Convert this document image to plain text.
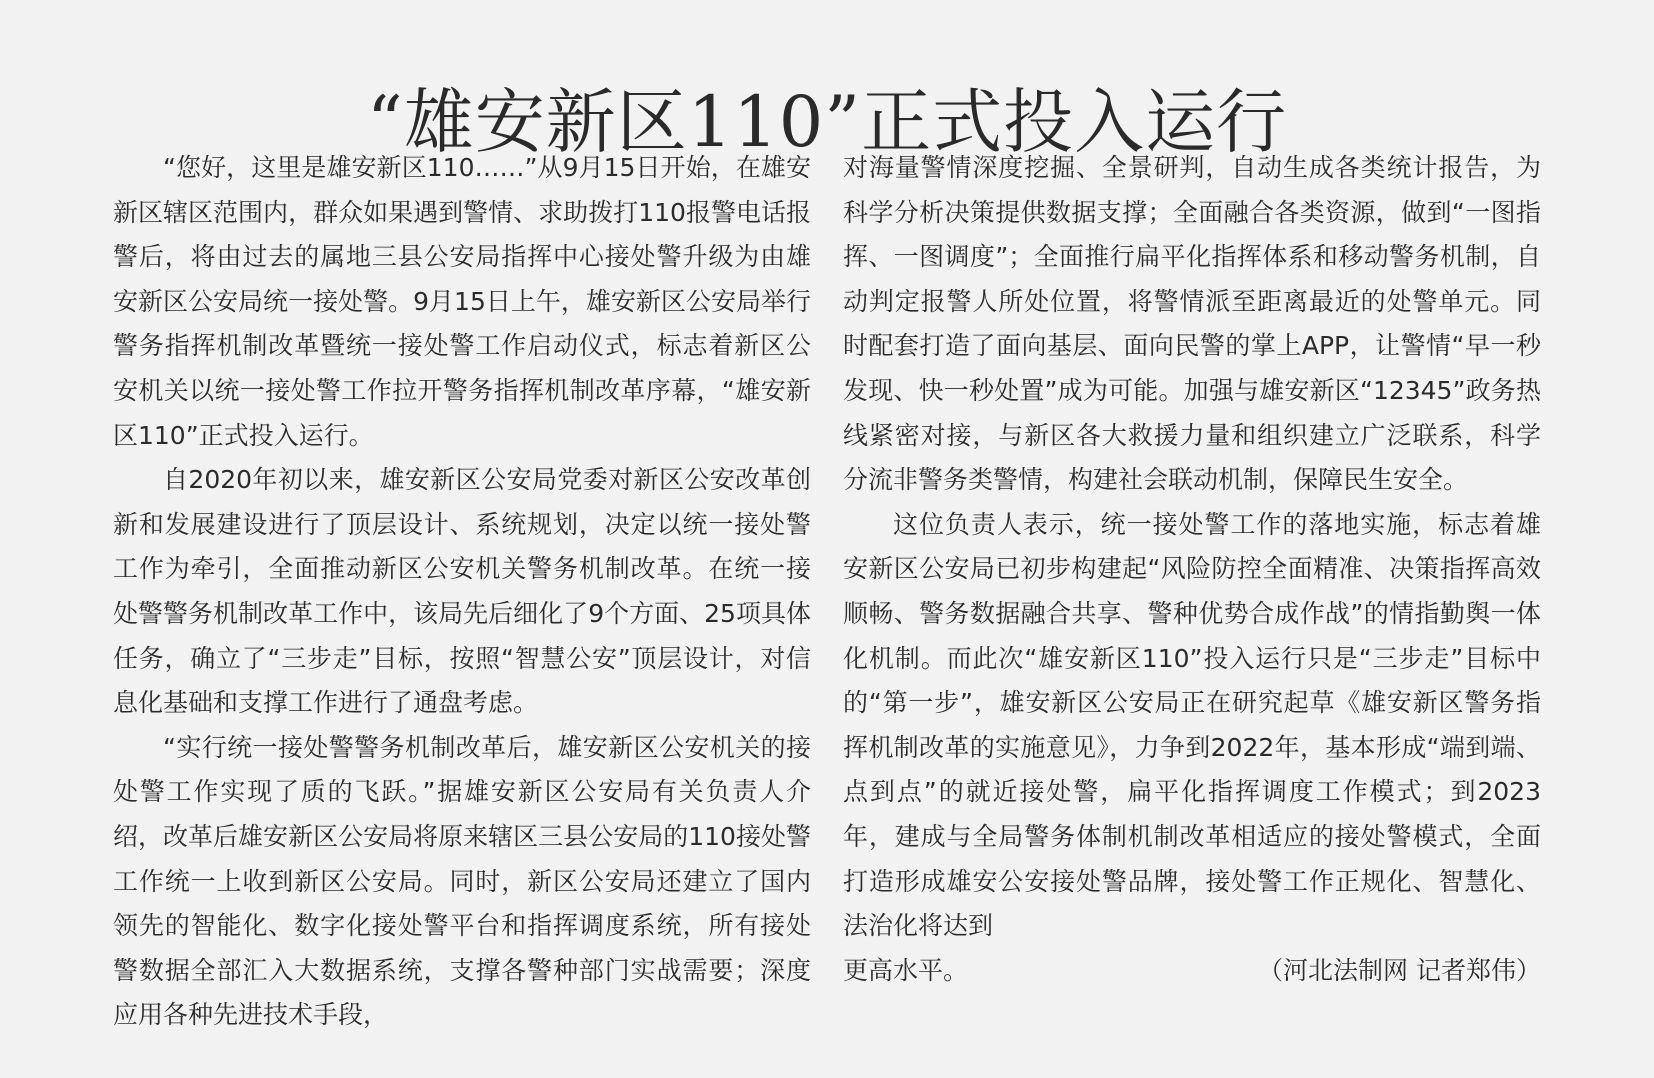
“雄安新区110”正式投入运行

“您好，这里是雄安新区110……”从9月15日开始，在雄安新区辖区范围内，群众如果遇到警情、求助拨打110报警电话报警后，将由过去的属地三县公安局指挥中心接处警升级为由雄安新区公安局统一接处警。9月15日上午，雄安新区公安局举行警务指挥机制改革暨统一接处警工作启动仪式，标志着新区公安机关以统一接处警工作拉开警务指挥机制改革序幕，“雄安新区110”正式投入运行。

自2020年初以来，雄安新区公安局党委对新区公安改革创新和发展建设进行了顶层设计、系统规划，决定以统一接处警工作为牵引，全面推动新区公安机关警务机制改革。在统一接处警警务机制改革工作中，该局先后细化了9个方面、25项具体任务，确立了“三步走”目标，按照“智慧公安”顶层设计，对信息化基础和支撑工作进行了通盘考虑。

“实行统一接处警警务机制改革后，雄安新区公安机关的接处警工作实现了质的飞跃。”据雄安新区公安局有关负责人介绍，改革后雄安新区公安局将原来辖区三县公安局的110接处警工作统一上收到新区公安局。同时，新区公安局还建立了国内领先的智能化、数字化接处警平台和指挥调度系统，所有接处警数据全部汇入大数据系统，支撑各警种部门实战需要；深度应用各种先进技术手段，

对海量警情深度挖掘、全景研判，自动生成各类统计报告，为科学分析决策提供数据支撑；全面融合各类资源，做到“一图指挥、一图调度”；全面推行扁平化指挥体系和移动警务机制，自动判定报警人所处位置，将警情派至距离最近的处警单元。同时配套打造了面向基层、面向民警的掌上APP，让警情“早一秒发现、快一秒处置”成为可能。加强与雄安新区“12345”政务热线紧密对接，与新区各大救援力量和组织建立广泛联系，科学分流非警务类警情，构建社会联动机制，保障民生安全。

这位负责人表示，统一接处警工作的落地实施，标志着雄安新区公安局已初步构建起“风险防控全面精准、决策指挥高效顺畅、警务数据融合共享、警种优势合成作战”的情指勤舆一体化机制。而此次“雄安新区110”投入运行只是“三步走”目标中的“第一步”，雄安新区公安局正在研究起草《雄安新区警务指挥机制改革的实施意见》，力争到2022年，基本形成“端到端、点到点”的就近接处警，扁平化指挥调度工作模式；到2023年，建成与全局警务体制机制改革相适应的接处警模式，全面打造形成雄安公安接处警品牌，接处警工作正规化、智慧化、法治化将达到

更高水平。	（河北法制网 记者郑伟）
